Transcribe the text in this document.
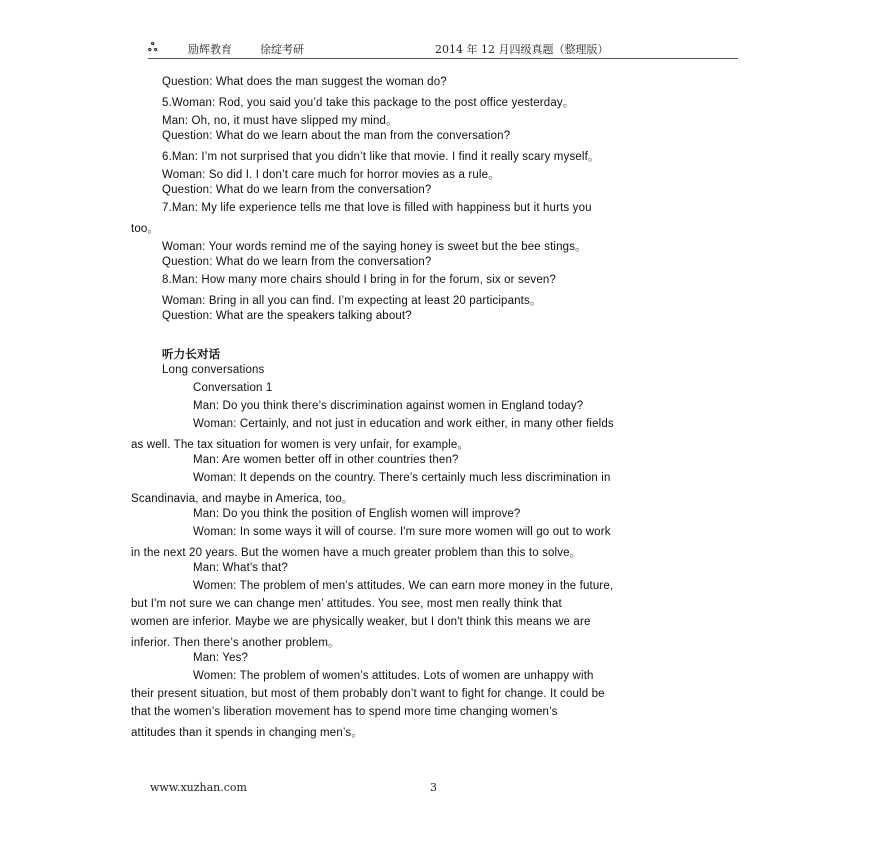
ஃ	励辉教育	徐绽考研	2014 年 12 月四级真题（整理版）
Question: What does the man suggest the woman do?
5.Woman: Rod, you said you’d take this package to the post office yesterday。
Man: Oh, no, it must have slipped my mind。
Question: What do we learn about the man from the conversation?
6.Man: I’m not surprised that you didn’t like that movie. I find it really scary myself。
Woman: So did I. I don’t care much for horror movies as a rule。
Question: What do we learn from the conversation?
7.Man: My life experience tells me that love is filled with happiness but it hurts you
too。
Woman: Your words remind me of the saying honey is sweet but the bee stings。
Question: What do we learn from the conversation?
8.Man: How many more chairs should I bring in for the forum, six or seven?
Woman: Bring in all you can find. I’m expecting at least 20 participants。
Question: What are the speakers talking about?
听力长对话
Long conversations
Conversation 1
Man: Do you think there’s discrimination against women in England today?
Woman: Certainly, and not just in education and work either, in many other fields
as well. The tax situation for women is very unfair, for example。
Man: Are women better off in other countries then?
Woman: It depends on the country. There’s certainly much less discrimination in
Scandinavia, and maybe in America, too。
Man: Do you think the position of English women will improve?
Woman: In some ways it will of course. I'm sure more women will go out to work
in the next 20 years. But the women have a much greater problem than this to solve。
Man: What's that?
Women: The problem of men’s attitudes. We can earn more money in the future,
but I'm not sure we can change men’ attitudes. You see, most men really think that
women are inferior. Maybe we are physically weaker, but I don't think this means we are
inferior. Then there’s another problem。
Man: Yes?
Women: The problem of women’s attitudes. Lots of women are unhappy with
their present situation, but most of them probably don’t want to fight for change. It could be
that the women’s liberation movement has to spend more time changing women’s
attitudes than it spends in changing men’s。
www.xuzhan.com	3
